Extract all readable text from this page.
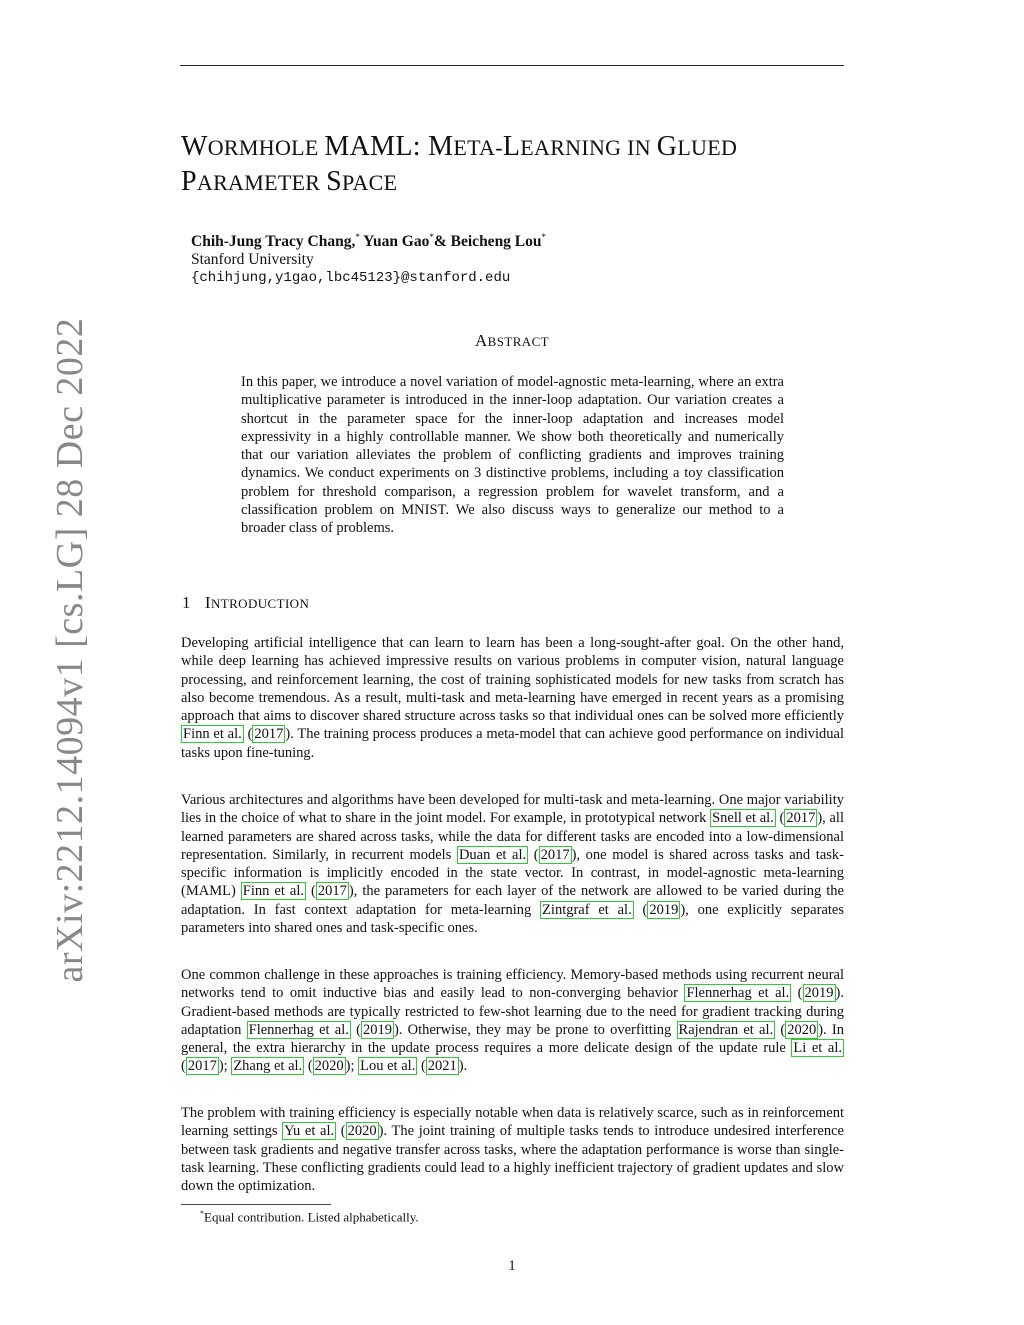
arXiv:2212.14094v1 [cs.LG] 28 Dec 2022
WORMHOLE MAML: META-LEARNING IN GLUED
PARAMETER SPACE
Chih-Jung Tracy Chang,* Yuan Gao*& Beicheng Lou*
Stanford University
{chihjung,y1gao,lbc45123}@stanford.edu
ABSTRACT
In this paper, we introduce a novel variation of model-agnostic meta-learning, where an extra multiplicative parameter is introduced in the inner-loop adaptation. Our variation creates a shortcut in the parameter space for the inner-loop adaptation and increases model expressivity in a highly controllable manner. We show both theoretically and numerically that our variation alleviates the problem of conflicting gradients and improves training dynamics. We conduct experiments on 3 distinctive problems, including a toy classification problem for threshold comparison, a regression problem for wavelet transform, and a classification problem on MNIST. We also discuss ways to generalize our method to a broader class of problems.
1 INTRODUCTION
Developing artificial intelligence that can learn to learn has been a long-sought-after goal. On the other hand, while deep learning has achieved impressive results on various problems in computer vision, natural language processing, and reinforcement learning, the cost of training sophisticated models for new tasks from scratch has also become tremendous. As a result, multi-task and meta-learning have emerged in recent years as a promising approach that aims to discover shared structure across tasks so that individual ones can be solved more efficiently Finn et al. ( 2017 ). The training process produces a meta-model that can achieve good performance on individual tasks upon fine-tuning.
Various architectures and algorithms have been developed for multi-task and meta-learning. One major variability lies in the choice of what to share in the joint model. For example, in prototypical network Snell et al. ( 2017 ), all learned parameters are shared across tasks, while the data for different tasks are encoded into a low-dimensional representation. Similarly, in recurrent models Duan et al. ( 2017 ), one model is shared across tasks and task-specific information is implicitly encoded in the state vector. In contrast, in model-agnostic meta-learning (MAML) Finn et al. ( 2017 ), the parameters for each layer of the network are allowed to be varied during the adaptation. In fast context adaptation for meta-learning Zintgraf et al. ( 2019 ), one explicitly separates parameters into shared ones and task-specific ones.
One common challenge in these approaches is training efficiency. Memory-based methods using recurrent neural networks tend to omit inductive bias and easily lead to non-converging behavior Flennerhag et al. ( 2019 ). Gradient-based methods are typically restricted to few-shot learning due to the need for gradient tracking during adaptation Flennerhag et al. ( 2019 ). Otherwise, they may be prone to overfitting Rajendran et al. ( 2020 ). In general, the extra hierarchy in the update process requires a more delicate design of the update rule Li et al. ( 2017 ); Zhang et al. ( 2020 ); Lou et al. ( 2021 ).
The problem with training efficiency is especially notable when data is relatively scarce, such as in reinforcement learning settings Yu et al. ( 2020 ). The joint training of multiple tasks tends to introduce undesired interference between task gradients and negative transfer across tasks, where the adaptation performance is worse than single-task learning. These conflicting gradients could lead to a highly inefficient trajectory of gradient updates and slow down the optimization.
*Equal contribution. Listed alphabetically.
1
